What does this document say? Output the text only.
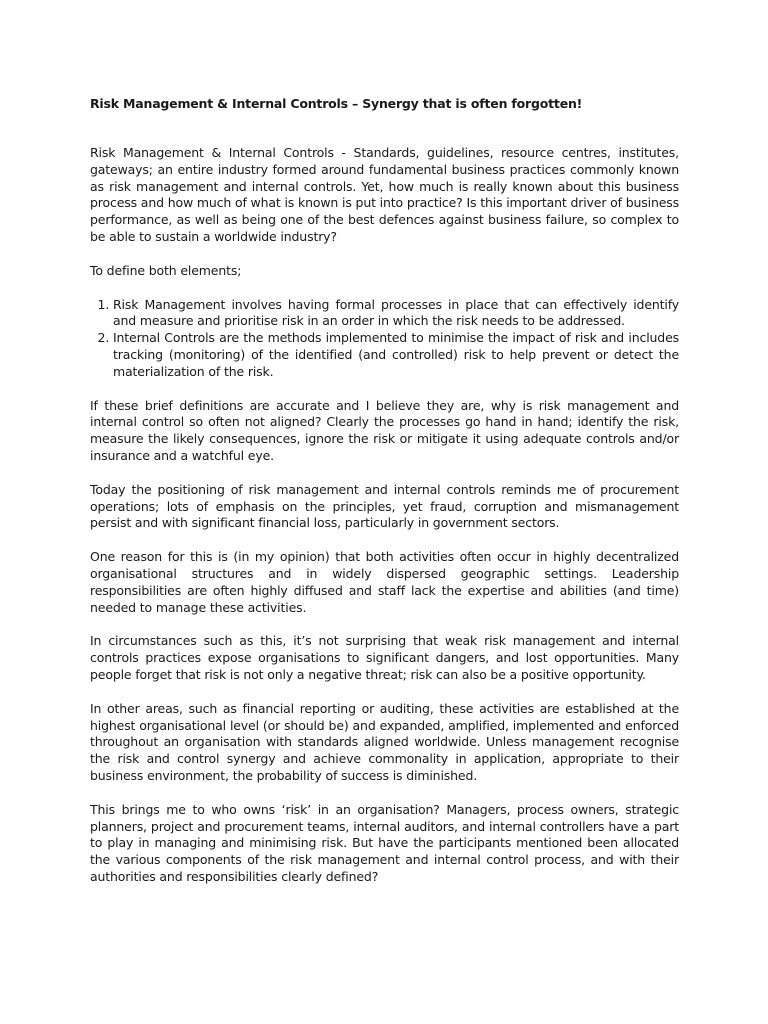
Risk Management & Internal Controls – Synergy that is often forgotten!

Risk Management & Internal Controls - Standards, guidelines, resource centres, institutes, gateways; an entire industry formed around fundamental business practices commonly known as risk management and internal controls. Yet, how much is really known about this business process and how much of what is known is put into practice? Is this important driver of business performance, as well as being one of the best defences against business failure, so complex to be able to sustain a worldwide industry?

To define both elements;

1. Risk Management involves having formal processes in place that can effectively identify and measure and prioritise risk in an order in which the risk needs to be addressed.
2. Internal Controls are the methods implemented to minimise the impact of risk and includes tracking (monitoring) of the identified (and controlled) risk to help prevent or detect the materialization of the risk.

If these brief definitions are accurate and I believe they are, why is risk management and internal control so often not aligned? Clearly the processes go hand in hand; identify the risk, measure the likely consequences, ignore the risk or mitigate it using adequate controls and/or insurance and a watchful eye.

Today the positioning of risk management and internal controls reminds me of procurement operations; lots of emphasis on the principles, yet fraud, corruption and mismanagement persist and with significant financial loss, particularly in government sectors.

One reason for this is (in my opinion) that both activities often occur in highly decentralized organisational structures and in widely dispersed geographic settings. Leadership responsibilities are often highly diffused and staff lack the expertise and abilities (and time) needed to manage these activities.

In circumstances such as this, it’s not surprising that weak risk management and internal controls practices expose organisations to significant dangers, and lost opportunities. Many people forget that risk is not only a negative threat; risk can also be a positive opportunity.

In other areas, such as financial reporting or auditing, these activities are established at the highest organisational level (or should be) and expanded, amplified, implemented and enforced throughout an organisation with standards aligned worldwide. Unless management recognise the risk and control synergy and achieve commonality in application, appropriate to their business environment, the probability of success is diminished.

This brings me to who owns ‘risk’ in an organisation? Managers, process owners, strategic planners, project and procurement teams, internal auditors, and internal controllers have a part to play in managing and minimising risk. But have the participants mentioned been allocated the various components of the risk management and internal control process, and with their authorities and responsibilities clearly defined?
